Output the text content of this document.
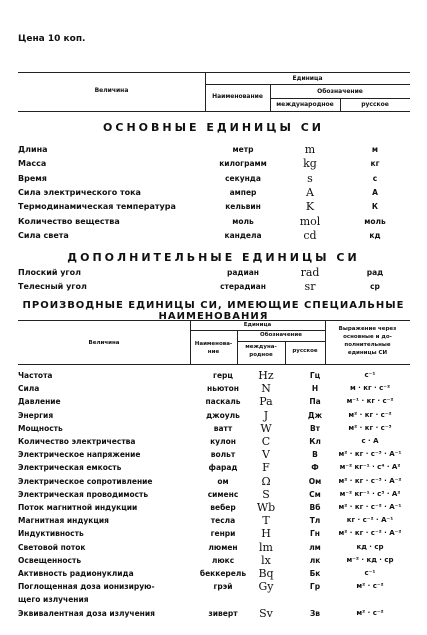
Цена 10 коп.
Величина
Единица
Наименование
Обозначение
международное	русское
ОСНОВНЫЕ ЕДИНИЦЫ СИ
Длина	метр	m	м
Масса	килограмм	kg	кг
Время	секунда	s	с
Сила электрического тока	ампер	A	А
Термодинамическая температура	кельвин	K	К
Количество вещества	моль	mol	моль
Сила света	кандела	cd	кд
ДОПОЛНИТЕЛЬНЫЕ ЕДИНИЦЫ СИ
Плоский угол	радиан	rad	рад
Телесный угол	стерадиан	sr	ср
ПРОИЗВОДНЫЕ ЕДИНИЦЫ СИ, ИМЕЮЩИЕ СПЕЦИАЛЬНЫЕ НАИМЕНОВАНИЯ
Величина
Единица
Наименова-
ние
Обозначение
междуна-
родное
русское
Выражение через
основные и до-
полнительные
единицы СИ
Частота	герц	Hz	Гц	с⁻¹
Сила	ньютон	N	Н	м · кг · с⁻²
Давление	паскаль	Pa	Па	м⁻¹ · кг · с⁻²
Энергия	джоуль	J	Дж	м² · кг · с⁻²
Мощность	ватт	W	Вт	м² · кг · с⁻³
Количество электричества	кулон	C	Кл	с · А
Электрическое напряжение	вольт	V	В	м² · кг · с⁻³ · А⁻¹
Электрическая емкость	фарад	F	Ф	м⁻² кг⁻¹ · с⁴ · А²
Электрическое сопротивление	ом	Ω	Ом	м² · кг · с⁻³ · А⁻²
Электрическая проводимость	сименс	S	См	м⁻² кг⁻¹ · с³ · А²
Поток магнитной индукции	вебер	Wb	Вб	м² · кг · с⁻² · А⁻¹
Магнитная индукция	тесла	T	Тл	кг · с⁻² · А⁻¹
Индуктивность	генри	H	Гн	м² · кг · с⁻² · А⁻²
Световой поток	люмен	lm	лм	кд · ср
Освещенность	люкс	lx	лк	м⁻² · кд · ср
Активность радионуклида	беккерель	Bq	Бк	с⁻¹
Поглощенная доза ионизирую-	грэй	Gy	Гр	м² · с⁻²
щего излучения
Эквивалентная доза излучения	зиверт	Sv	Зв	м² · с⁻²
